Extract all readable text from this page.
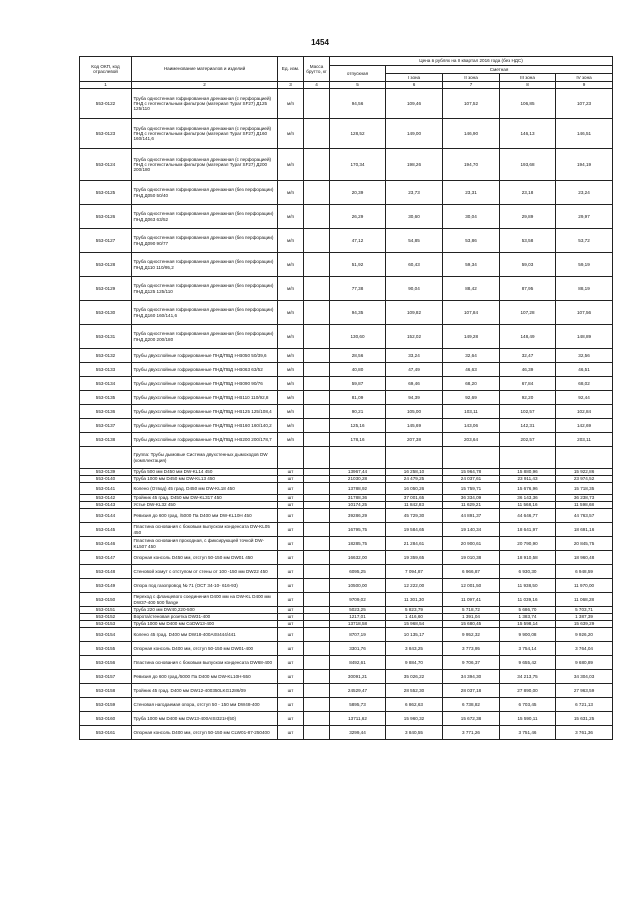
1454
Код ОКП, код отраслевой	Наименование материалов и изделий	Ед. изм.	Масса брутто, кг	Цена в рублях на II квартал 2016 года (без НДС)				
				отпускная	Сметная			
					I зона	II зона	III зона	IV зона
1	2	3	4	5	6	7	8	9
553-0122	Труба одностенная гофрированная дренажная (с перфорацией) ПНД с геотекстильным фильтром (материал Typar SF27) Д125 125/110	м/п		94,56	109,46	107,52	106,85	107,23
553-0123	Труба одностенная гофрированная дренажная (с перфорацией) ПНД с геотекстильным фильтром (материал Typar SF27) Д160 160/141,6	м/п		128,52	149,00	146,90	146,13	146,51
553-0124	Труба одностенная гофрированная дренажная (с перфорацией) ПНД с геотекстильным фильтром (материал Typar SF27) Д200 200/180	м/п		170,34	198,26	194,70	193,68	194,19
553-0125	Труба одностенная гофрированная дренажная (без перфорации) ПНД Д050 50/40	м/п		20,39	23,73	23,31	23,18	23,24
553-0126	Труба одностенная гофрированная дренажная (без перфорации) ПНД Д063 63/52	м/п		26,29	30,60	30,04	29,89	29,97
553-0127	Труба одностенная гофрированная дренажная (без перфорации) ПНД Д090 90/77	м/п		47,12	54,85	53,86	53,58	53,72
553-0128	Труба одностенная гофрированная дренажная (без перфорации) ПНД Д110 110/95,2	м/п		51,92	60,43	59,34	59,03	59,19
553-0129	Труба одностенная гофрированная дренажная (без перфорации) ПНД Д125 125/110	м/п		77,38	90,04	88,42	87,95	88,19
553-0130	Труба одностенная гофрированная дренажная (без перфорации) ПНД Д160 160/141,6	м/п		94,35	109,82	107,84	107,28	107,56
553-0131	Труба одностенная гофрированная дренажная (без перфорации) ПНД Д200 200/180	м/п		130,60	152,02	149,28	148,49	148,89
553-0132	Трубы двухслойные гофрированные ПНД/ПВД Н-В050 50/39,6	м/п		28,56	33,24	32,64	32,47	32,56
553-0133	Трубы двухслойные гофрированные ПНД/ПВД Н-В063 63/52	м/п		40,80	47,49	46,63	46,39	46,51
553-0134	Трубы двухслойные гофрированные ПНД/ПВД Н-В090 90/76	м/п		59,87	69,46	68,20	67,84	68,02
553-0135	Трубы двухслойные гофрированные ПНД/ПВД Н-В110 110/92,8	м/п		81,09	94,39	92,69	92,20	92,44
553-0136	Трубы двухслойные гофрированные ПНД/ПВД Н-В125 125/108,4	м/п		90,21	105,00	103,11	102,57	102,84
553-0137	Трубы двухслойные гофрированные ПНД/ПВД Н-В160 160/140,2	м/п		125,16	145,69	143,06	142,31	142,69
553-0138	Трубы двухслойные гофрированные ПНД/ПВД Н-В200 200/178,7	м/п		178,16	207,38	203,64	202,57	203,11
	Группа: Трубы дымовые Система двухстенных дымоходов DW (комплектация)							
553-0139	Труба 500 мм D450 мм DW-KL14 450	шт		13967,44	16 258,10	15 964,78	15 880,96	15 922,86
553-0140	Труба 1000 мм D450 мм DW-KL13 450	шт		21030,28	24 479,25	24 037,61	23 911,43	23 974,52
553-0141	Колено (Отвод) 45 град. D450 мм DW-KL18 450	шт		13788,92	16 050,26	15 759,71	15 676,96	15 718,35
553-0142	Тройник 45 град. D450 мм DW-KL317 450	шт		31788,36	37 001,65	36 334,09	36 143,36	36 238,73
553-0143	Устье DW-KL32 450	шт		10174,25	11 842,83	11 629,21	11 568,16	11 598,68
553-0144	Ревизия до 600 град. /5000 Па D400 мм DW-KL10H 450	шт		39286,29	45 729,30	44 891,37	44 646,77	44 763,57
553-0145	Пластина основания с боковым выпуском конденсата DW-KL05 450	шт		16795,75	19 584,65	19 140,34	18 641,97	18 691,16
553-0146	Пластина основания проходная, с фиксирующей точкой DW-KL507 450	шт		18285,75	21 284,61	20 900,61	20 790,90	20 845,75
553-0147	Опорная консоль D450 мм, отступ 50-150 мм DW01 450	шт		16632,00	19 359,65	19 010,38	18 910,58	18 960,48
553-0148	Стеновой хомут с отступом от стены от 100 -150 мм DW22 450	шт		6095,25	7 094,87	6 966,87	6 930,30	6 948,59
553-0149	Опора под газопровод № 71 (ОСТ 34-10- 616-93)	шт		10500,00	12 222,00	12 001,50	11 938,50	11 970,00
553-0150	Переход с фланцевого соединения D400 мм на DW-KL D400 мм DW37-400 500 flange	шт		9709,02	11 301,30	11 097,41	11 039,16	11 068,28
553-0151	Труба 220 мм DW40,220-500	шт		5023,25	5 823,79	5 718,72	5 686,70	5 703,71
553-0152	Ворота/стеновая розетка DW31-400	шт		1217,01	1 416,60	1 391,04	1 383,74	1 387,39
553-0153	Труба 1000 мм D400 мм CoDW13-400	шт		13718,58	15 968,54	15 680,45	15 598,14	15 639,29
553-0154	Колено 45 град. D400 мм DW18-400AISI444/441	шт		8707,19	10 135,17	9 952,32	9 900,08	9 926,20
553-0155	Опорная консоль D400 мм, отступ 50-150 мм DW01-400	шт		3301,76	3 843,25	3 773,95	3 754,14	3 764,04
553-0156	Пластина основания с боковым выпуском конденсата DW68-400	шт		8492,61	9 884,70	9 706,37	9 655,42	9 680,89
553-0157	Ревизия до 600 град./5000 Па D400 мм DW-KL10H-550	шт		30091,21	35 026,22	34 394,30	34 213,75	34 304,03
553-0158	Тройник 45 град. D400 мм DW12-400350LKG1286/09	шт		24529,47	28 552,30	28 037,18	27 890,00	27 963,59
553-0159	Стеновая нагодаемая опора, отступ 50 - 150 мм DW48-400	шт		5895,73	6 862,63	6 738,82	6 703,45	6 721,13
553-0160	Труба 1000 мм D400 мм DW13-400AISI321H(50)	шт		13711,62	15 960,32	15 672,38	15 590,11	15 631,25
553-0161	Опорная консоль D400 мм, отступ 50-150 мм CLW01-87-250400	шт		3299,44	3 840,55	3 771,26	3 751,46	3 761,36
